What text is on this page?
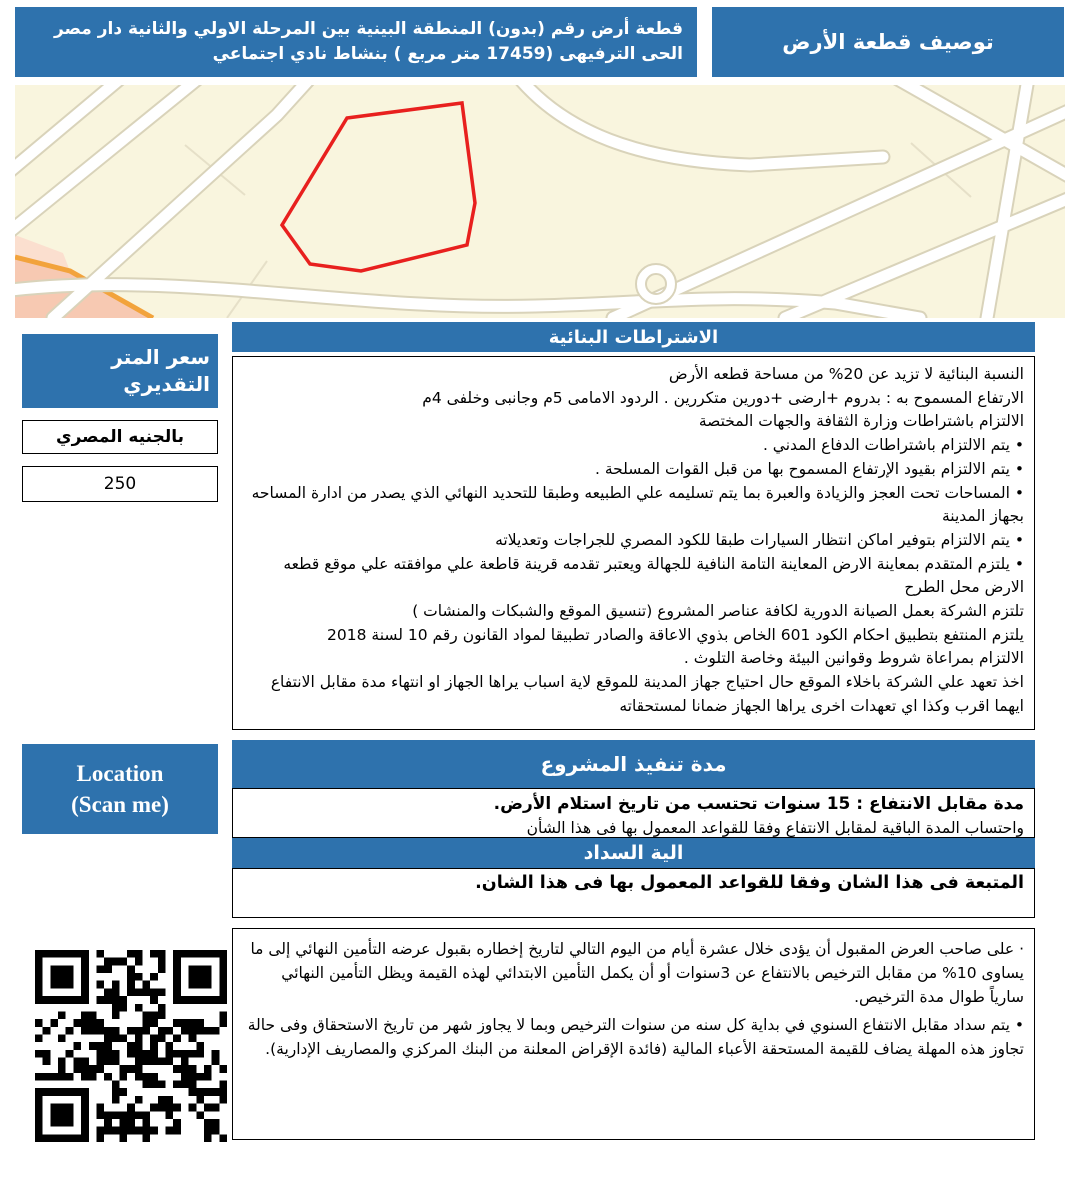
قطعة أرض رقم (بدون) المنطقة البينية بين المرحلة الاولي والثانية دار مصر الحى الترفيهى (17459 متر مربع ) بنشاط نادي اجتماعي	توصيف قطعة الأرض
سعر المتر التقديري
بالجنيه المصري
250
الاشتراطات البنائية
النسبة البنائية لا تزيد عن 20% من مساحة قطعه الأرض
الارتفاع المسموح به : بدروم +ارضى +دورين متكررين . الردود الامامى 5م وجانبى وخلفى 4م
الالتزام باشتراطات وزارة الثقافة والجهات المختصة
• يتم الالتزام باشتراطات الدفاع المدني .
• يتم الالتزام بقيود الإرتفاع المسموح بها من قبل القوات المسلحة .
• المساحات تحت العجز والزيادة والعبرة بما يتم تسليمه علي الطبيعه وطبقا للتحديد النهائي الذي يصدر من ادارة المساحه بجهاز المدينة
• يتم الالتزام بتوفير اماكن انتظار السيارات طبقا للكود المصري للجراجات وتعديلاته
• يلتزم المتقدم بمعاينة الارض المعاينة التامة النافية للجهالة ويعتبر تقدمه قرينة قاطعة علي موافقته علي موقع قطعه الارض محل الطرح
تلتزم الشركة بعمل الصيانة الدورية لكافة عناصر المشروع (تنسيق الموقع والشبكات والمنشات )
يلتزم المنتفع بتطبيق احكام الكود 601 الخاص بذوي الاعاقة والصادر تطبيقا لمواد القانون رقم 10 لسنة 2018
الالتزام بمراعاة شروط وقوانين البيئة وخاصة التلوث .
اخذ تعهد علي الشركة باخلاء الموقع حال احتياج جهاز المدينة للموقع لاية اسباب يراها الجهاز او انتهاء مدة مقابل الانتفاع ايهما اقرب وكذا اي تعهدات اخرى يراها الجهاز ضمانا لمستحقاته
Location
(Scan me)
مدة تنفيذ المشروع
مدة مقابل الانتفاع : 15 سنوات تحتسب من تاريخ استلام الأرض.
واحتساب المدة الباقية لمقابل الانتفاع وفقا للقواعد المعمول بها فى هذا الشأن
الية السداد
المتبعة فى هذا الشان وفقا للقواعد المعمول بها فى هذا الشان.
· على صاحب العرض المقبول أن يؤدى خلال عشرة أيام من اليوم التالي لتاريخ إخطاره بقبول عرضه التأمين النهائي إلى ما يساوى 10% من مقابل الترخيص بالانتفاع عن 3سنوات أو أن يكمل التأمين الابتدائي لهذه القيمة ويظل التأمين النهائي سارياً طوال مدة الترخيص.
• يتم سداد مقابل الانتفاع السنوي في بداية كل سنه من سنوات الترخيص وبما لا يجاوز شهر من تاريخ الاستحقاق وفى حالة تجاوز هذه المهلة يضاف للقيمة المستحقة الأعباء المالية (فائدة الإقراض المعلنة من البنك المركزي والمصاريف الإدارية).
